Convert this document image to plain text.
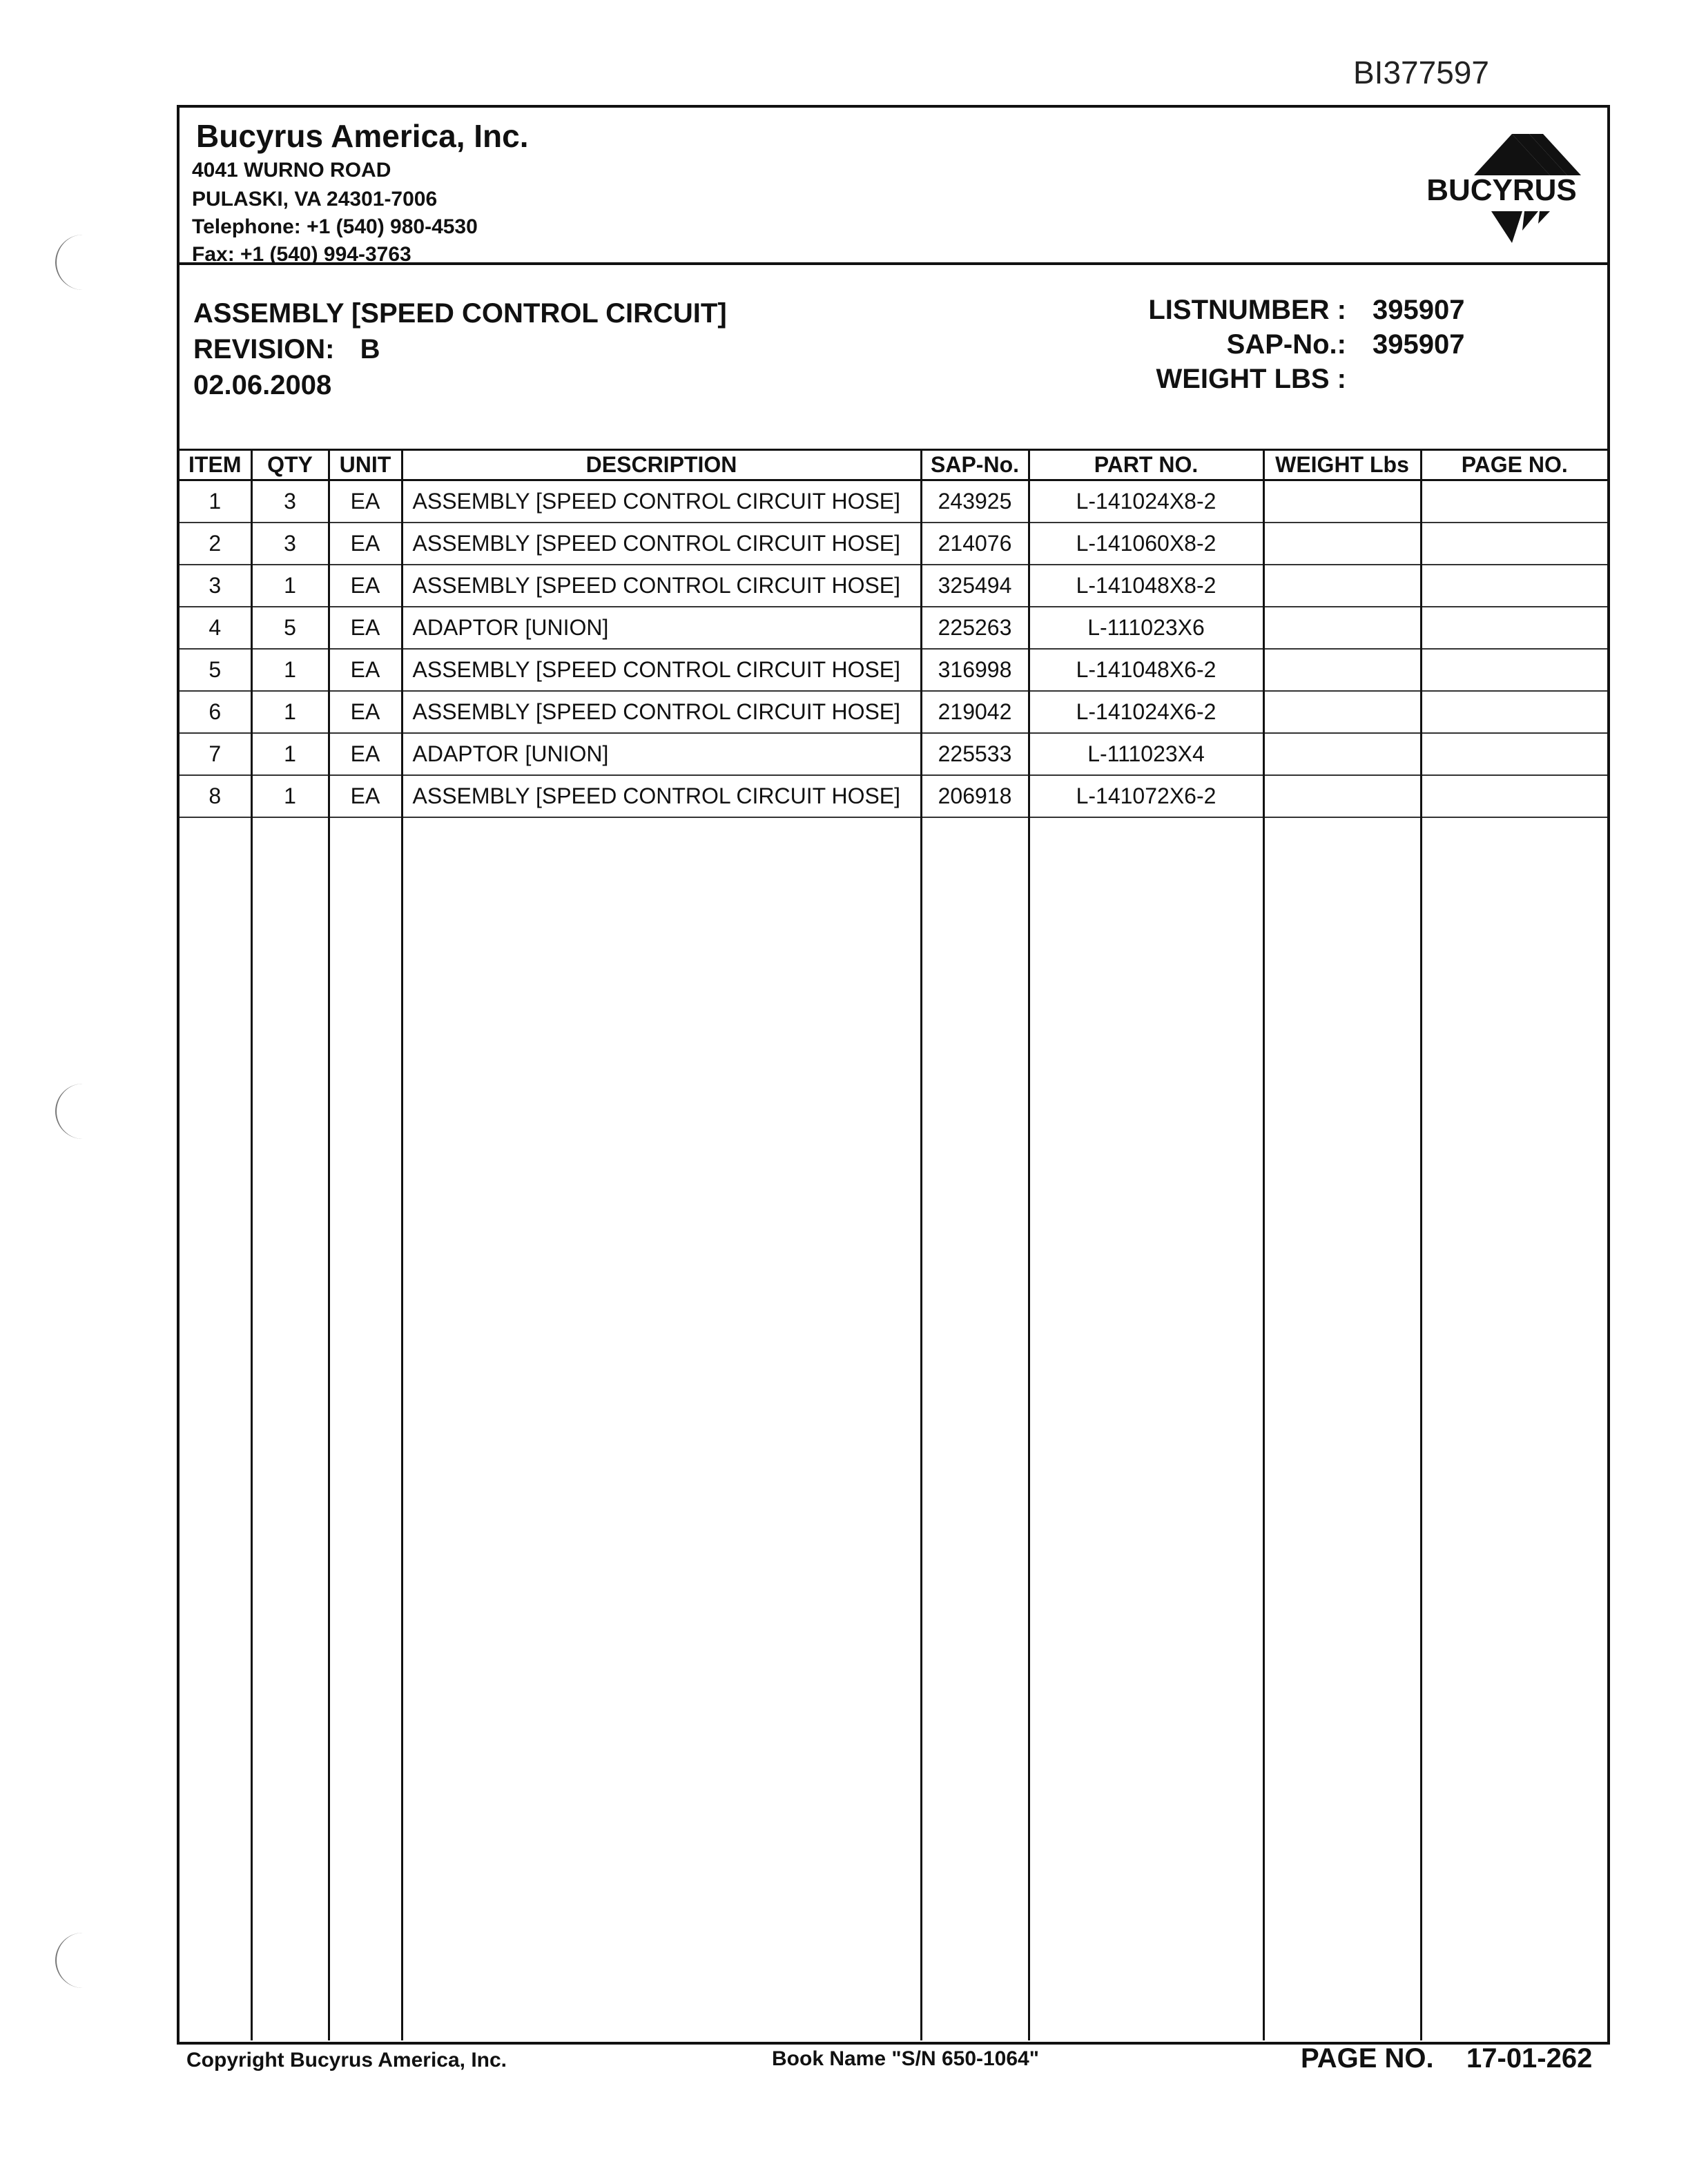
BI377597
Bucyrus America, Inc.
4041 WURNO ROAD
PULASKI, VA 24301-7006
Telephone: +1 (540) 980-4530
Fax: +1 (540) 994-3763
BUCYRUS
ASSEMBLY [SPEED CONTROL CIRCUIT]
REVISION: B
02.06.2008
LISTNUMBER : 395907
SAP-No.: 395907
WEIGHT LBS :
ITEM	QTY	UNIT	DESCRIPTION	SAP-No.	PART NO.	WEIGHT Lbs	PAGE NO.
1	3	EA	ASSEMBLY [SPEED CONTROL CIRCUIT HOSE]	243925	L-141024X8-2		
2	3	EA	ASSEMBLY [SPEED CONTROL CIRCUIT HOSE]	214076	L-141060X8-2		
3	1	EA	ASSEMBLY [SPEED CONTROL CIRCUIT HOSE]	325494	L-141048X8-2		
4	5	EA	ADAPTOR [UNION]	225263	L-111023X6		
5	1	EA	ASSEMBLY [SPEED CONTROL CIRCUIT HOSE]	316998	L-141048X6-2		
6	1	EA	ASSEMBLY [SPEED CONTROL CIRCUIT HOSE]	219042	L-141024X6-2		
7	1	EA	ADAPTOR [UNION]	225533	L-111023X4		
8	1	EA	ASSEMBLY [SPEED CONTROL CIRCUIT HOSE]	206918	L-141072X6-2		

Copyright Bucyrus America, Inc.	Book Name "S/N 650-1064"	PAGE NO. 17-01-262
